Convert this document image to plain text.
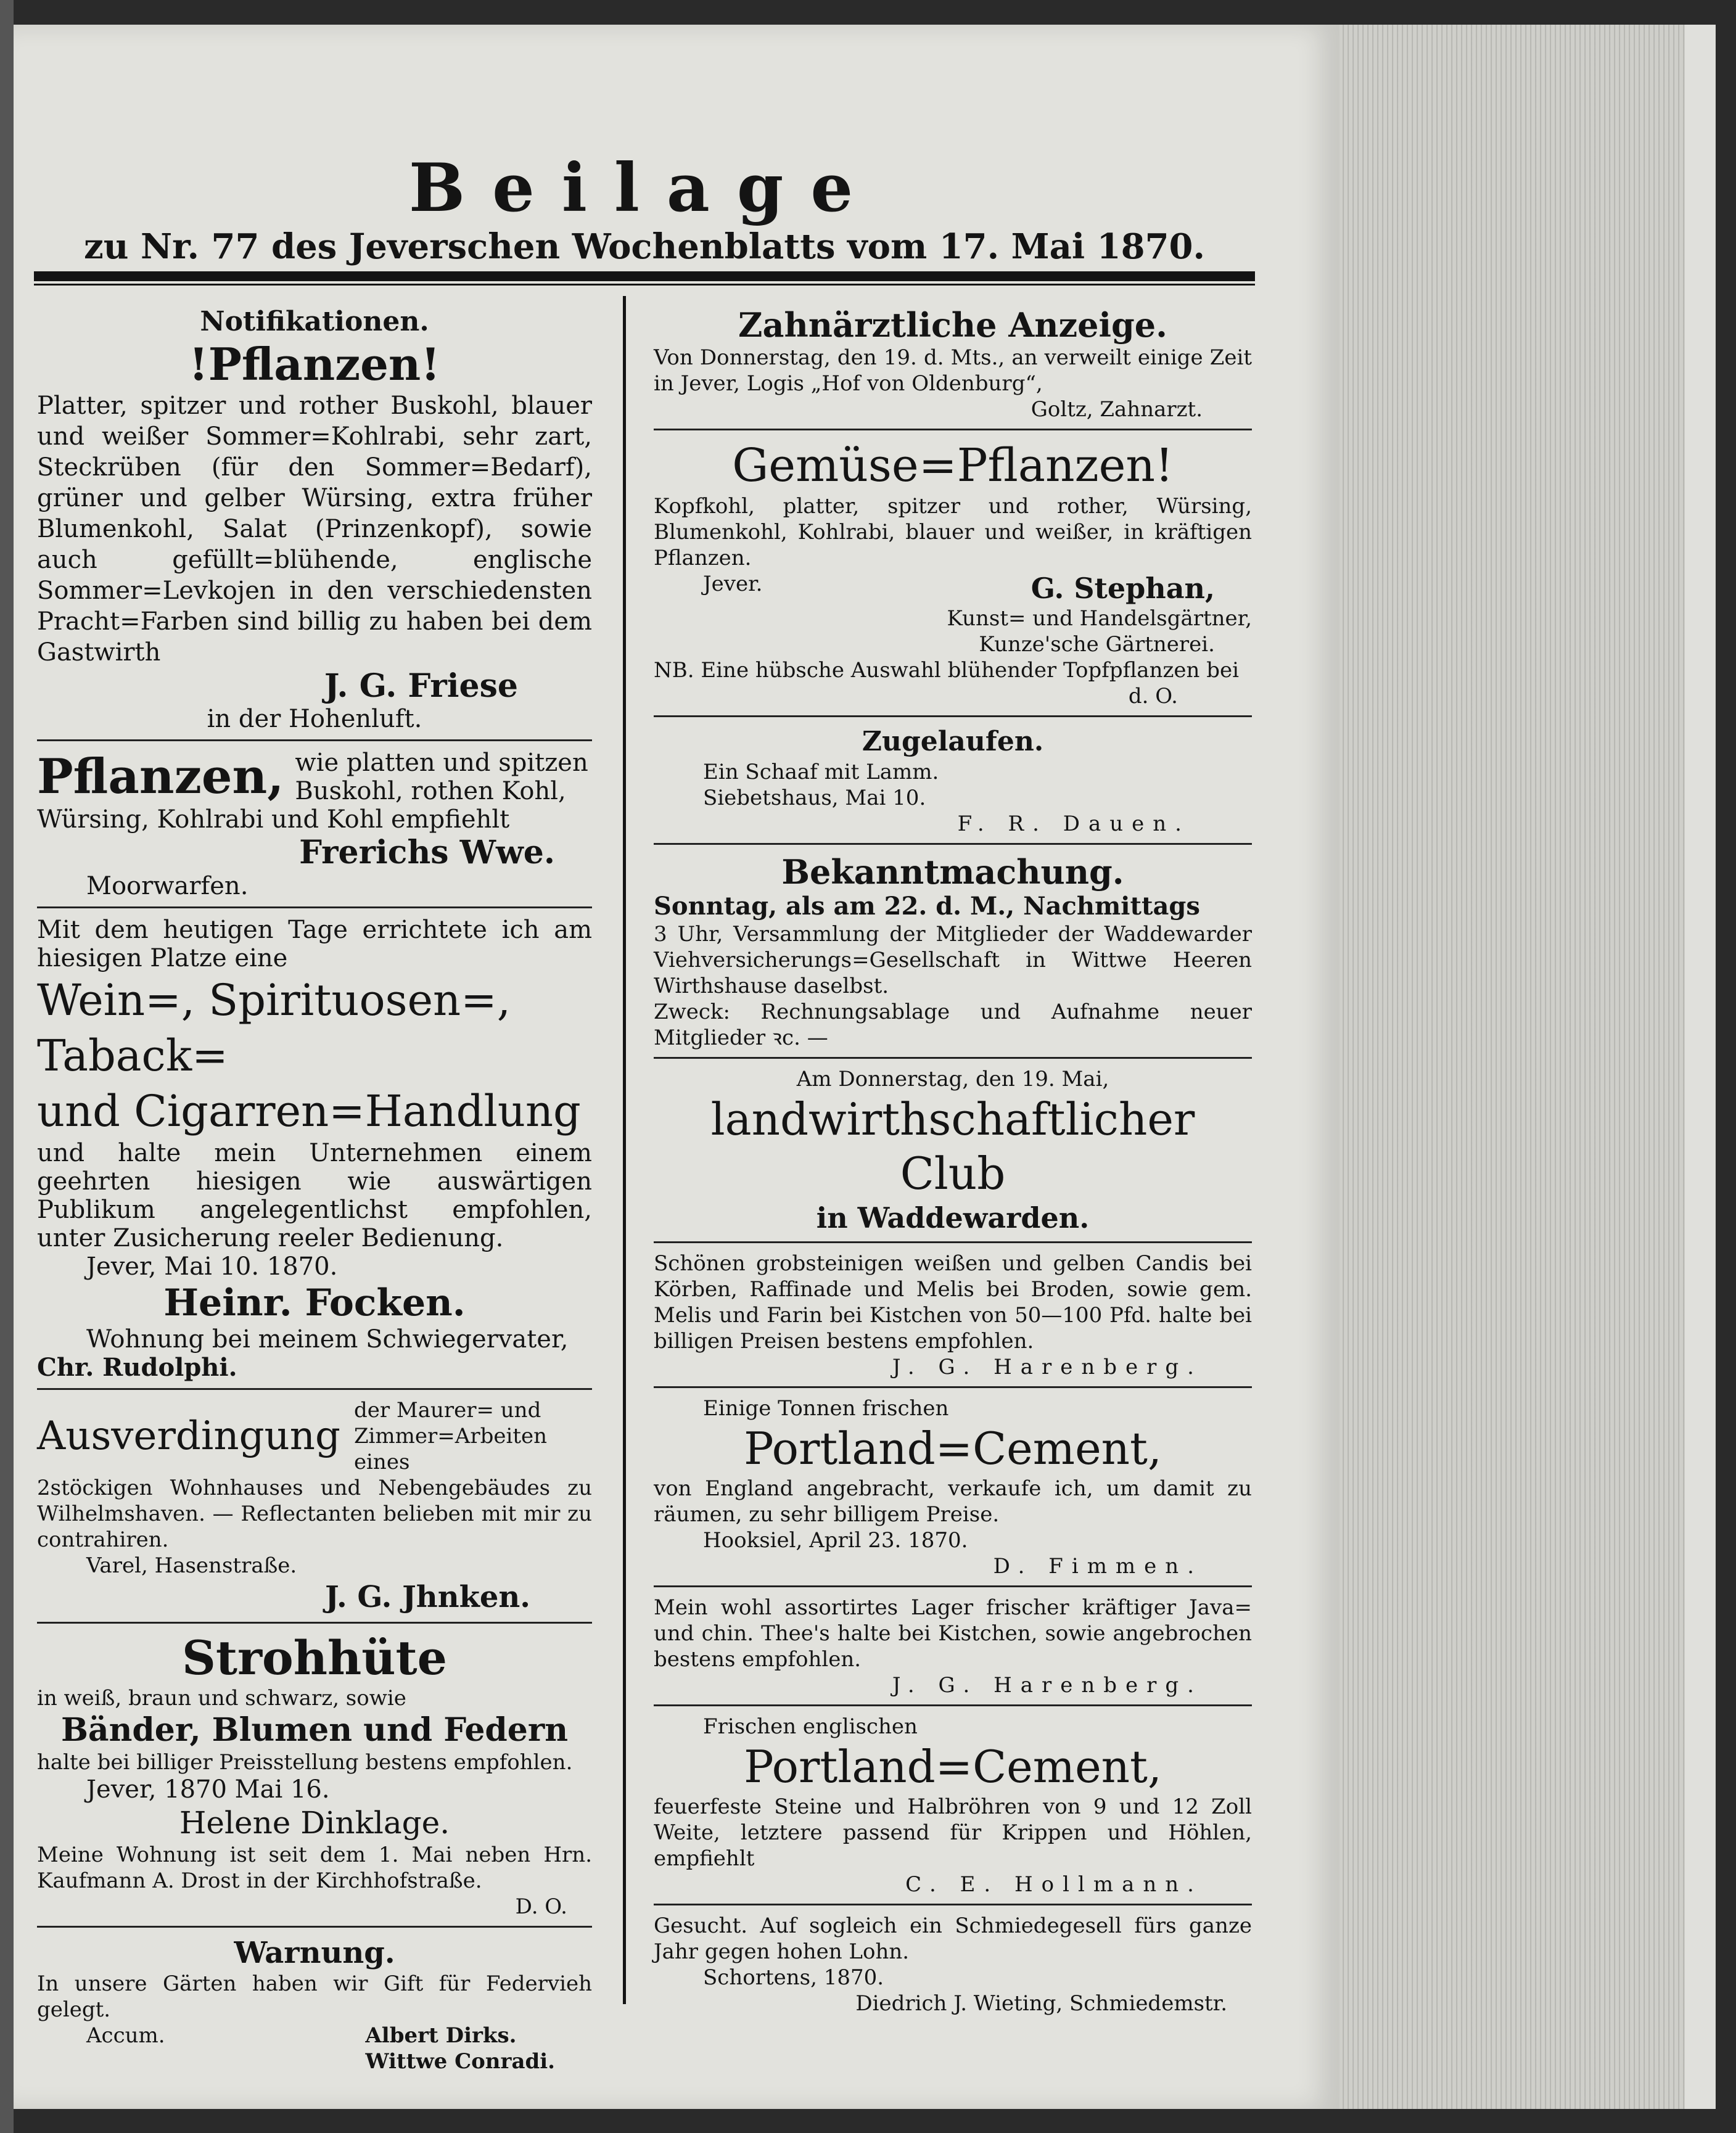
Beilage
zu Nr. 77 des Jeverschen Wochenblatts vom 17. Mai 1870.

Notifikationen.

!Pflanzen!

Platter, spitzer und rother Buskohl, blauer und weißer Sommer=Kohlrabi, sehr zart, Steckrüben (für den Sommer=Bedarf), grüner und gelber Würsing, extra früher Blumenkohl, Salat (Prinzenkopf), sowie auch gefüllt=blühende, englische Sommer=Levkojen in den verschiedensten Pracht=Farben sind billig zu haben bei dem Gastwirth

J. G. Friese

in der Hohenluft.

Pflanzen, wie platten und spitzen

Buskohl, rothen Kohl,

Würsing, Kohlrabi und Kohl empfiehlt

Frerichs Wwe.

Moorwarfen.

Mit dem heutigen Tage errichtete ich am hiesigen Platze eine

Wein=, Spirituosen=, Taback=

und Cigarren=Handlung

und halte mein Unternehmen einem geehrten hiesigen wie auswärtigen Publikum angelegentlichst empfohlen, unter Zusicherung reeler Bedienung.

Jever, Mai 10. 1870.

Heinr. Focken.

Wohnung bei meinem Schwiegervater,

Chr. Rudolphi.

Ausverdingung
der Maurer= und Zimmer=Arbeiten eines

2stöckigen Wohnhauses und Nebengebäudes zu Wilhelmshaven. — Reflectanten belieben mit mir zu contrahiren.

Varel, Hasenstraße.

J. G. Jhnken.

Strohhüte

in weiß, braun und schwarz, sowie

Bänder, Blumen und Federn

halte bei billiger Preisstellung bestens empfohlen.

Jever, 1870 Mai 16.

Helene Dinklage.

Meine Wohnung ist seit dem 1. Mai neben Hrn. Kaufmann A. Drost in der Kirchhofstraße.

D. O.

Warnung.

In unsere Gärten haben wir Gift für Federvieh gelegt.

Accum.	Albert Dirks.

Wittwe Conradi.

Zahnärztliche Anzeige.

Von Donnerstag, den 19. d. Mts., an verweilt einige Zeit in Jever, Logis „Hof von Oldenburg“,

Goltz, Zahnarzt.

Gemüse=Pflanzen!

Kopfkohl, platter, spitzer und rother, Würsing, Blumenkohl, Kohlrabi, blauer und weißer, in kräftigen Pflanzen.

Jever.	G. Stephan,

Kunst= und Handelsgärtner,

Kunze'sche Gärtnerei.

NB. Eine hübsche Auswahl blühender Topfpflanzen bei

d. O.

Zugelaufen.

Ein Schaaf mit Lamm.

Siebetshaus, Mai 10.

F. R. Dauen.

Bekanntmachung.

Sonntag, als am 22. d. M., Nachmittags

3 Uhr, Versammlung der Mitglieder der Waddewarder Viehversicherungs=Gesellschaft in Wittwe Heeren Wirthshause daselbst.

Zweck: Rechnungsablage und Aufnahme neuer Mitglieder ꝛc. —

Am Donnerstag, den 19. Mai,

landwirthschaftlicher Club

in Waddewarden.

Schönen grobsteinigen weißen und gelben Candis bei Körben, Raffinade und Melis bei Broden, sowie gem. Melis und Farin bei Kistchen von 50—100 Pfd. halte bei billigen Preisen bestens empfohlen.

J. G. Harenberg.

Einige Tonnen frischen

Portland=Cement,

von England angebracht, verkaufe ich, um damit zu räumen, zu sehr billigem Preise.

Hooksiel, April 23. 1870.

D. Fimmen.

Mein wohl assortirtes Lager frischer kräftiger Java= und chin. Thee's halte bei Kistchen, sowie angebrochen bestens empfohlen.

J. G. Harenberg.

Frischen englischen

Portland=Cement,

feuerfeste Steine und Halbröhren von 9 und 12 Zoll Weite, letztere passend für Krippen und Höhlen, empfiehlt

C. E. Hollmann.

Gesucht. Auf sogleich ein Schmiedegesell fürs ganze Jahr gegen hohen Lohn.

Schortens, 1870.

Diedrich J. Wieting, Schmiedemstr.
